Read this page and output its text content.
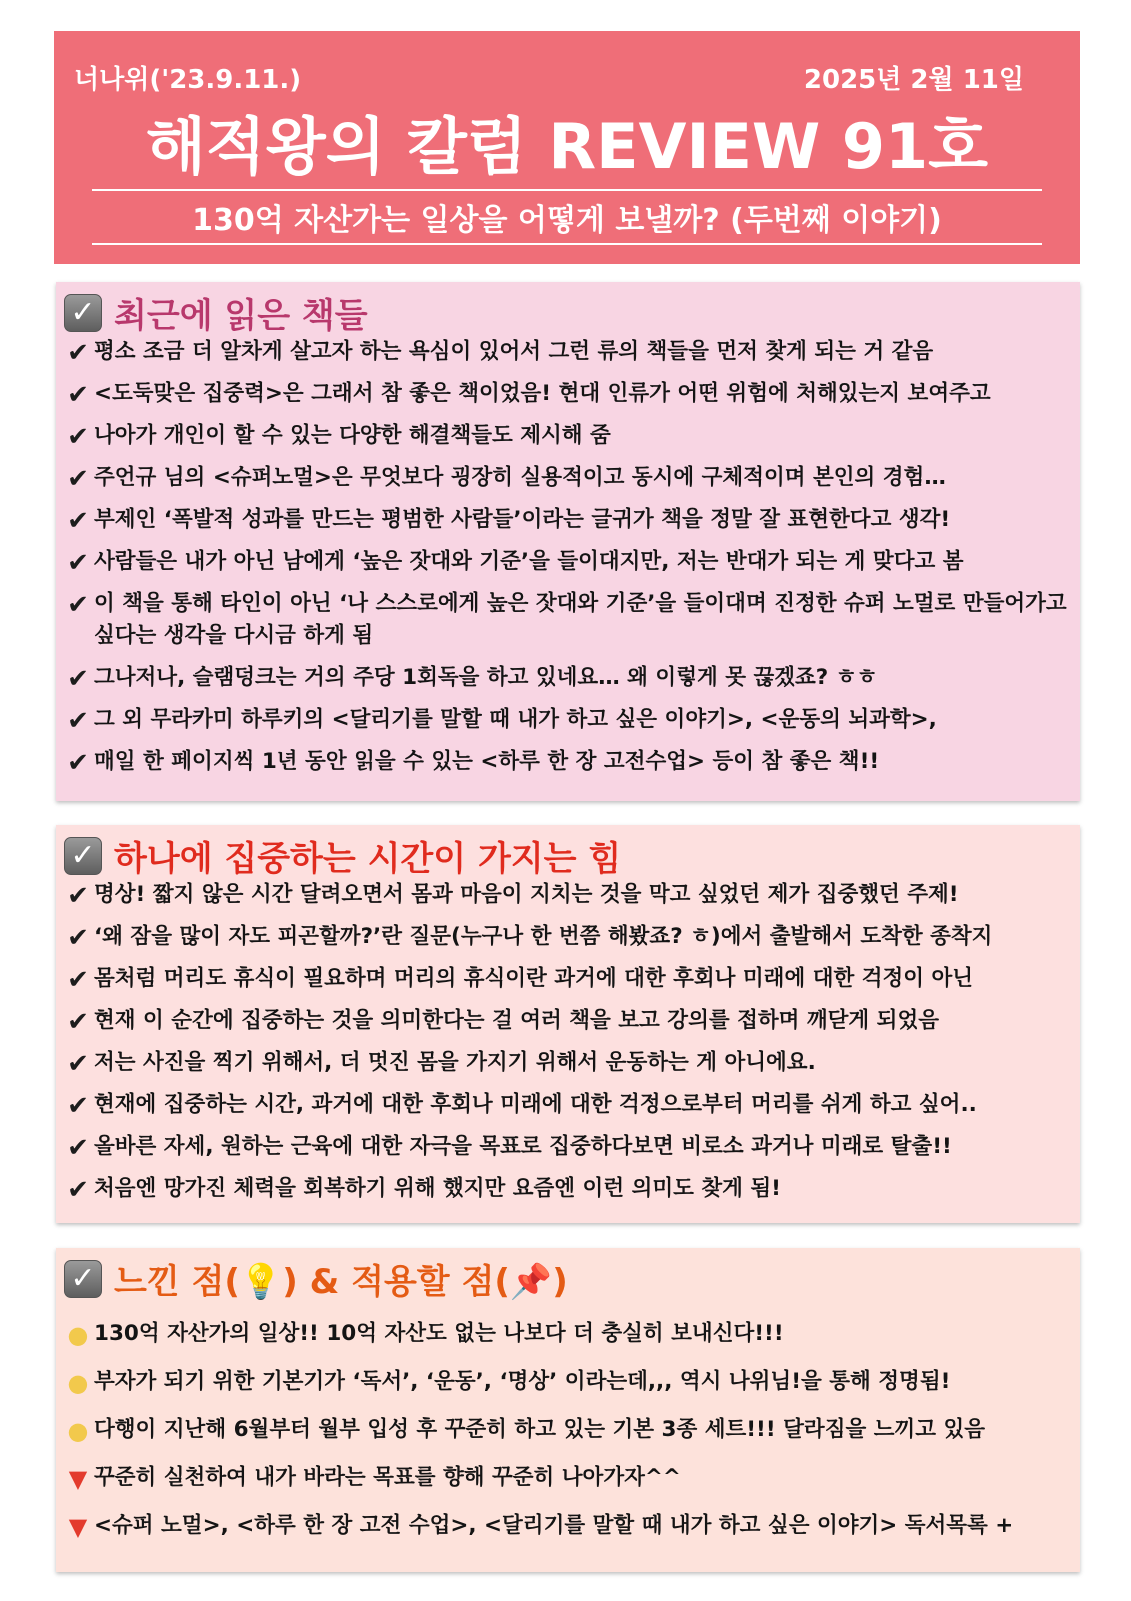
너나위('23.9.11.)	2025년 2월 11일
해적왕의 칼럼 REVIEW 91호
130억 자산가는 일상을 어떻게 보낼까? (두번째 이야기)
✓ 최근에 읽은 책들
✔ 평소 조금 더 알차게 살고자 하는 욕심이 있어서 그런 류의 책들을 먼저 찾게 되는 거 같음
✔ <도둑맞은 집중력>은 그래서 참 좋은 책이었음! 현대 인류가 어떤 위험에 처해있는지 보여주고
✔ 나아가 개인이 할 수 있는 다양한 해결책들도 제시해 줌
✔ 주언규 님의 <슈퍼노멀>은 무엇보다 굉장히 실용적이고 동시에 구체적이며 본인의 경험…
✔ 부제인 ‘폭발적 성과를 만드는 평범한 사람들’이라는 글귀가 책을 정말 잘 표현한다고 생각!
✔ 사람들은 내가 아닌 남에게 ‘높은 잣대와 기준’을 들이대지만, 저는 반대가 되는 게 맞다고 봄
✔ 이 책을 통해 타인이 아닌 ‘나 스스로에게 높은 잣대와 기준’을 들이대며 진정한 슈퍼 노멀로 만들어가고 싶다는 생각을 다시금 하게 됨
✔ 그나저나, 슬램덩크는 거의 주당 1회독을 하고 있네요… 왜 이렇게 못 끊겠죠? ㅎㅎ
✔ 그 외 무라카미 하루키의 <달리기를 말할 때 내가 하고 싶은 이야기>, <운동의 뇌과학>,
✔ 매일 한 페이지씩 1년 동안 읽을 수 있는 <하루 한 장 고전수업> 등이 참 좋은 책!!
✓ 하나에 집중하는 시간이 가지는 힘
✔ 명상! 짧지 않은 시간 달려오면서 몸과 마음이 지치는 것을 막고 싶었던 제가 집중했던 주제!
✔ ‘왜 잠을 많이 자도 피곤할까?’란 질문(누구나 한 번쯤 해봤죠? ㅎ)에서 출발해서 도착한 종착지
✔ 몸처럼 머리도 휴식이 필요하며 머리의 휴식이란 과거에 대한 후회나 미래에 대한 걱정이 아닌
✔ 현재 이 순간에 집중하는 것을 의미한다는 걸 여러 책을 보고 강의를 접하며 깨닫게 되었음
✔ 저는 사진을 찍기 위해서, 더 멋진 몸을 가지기 위해서 운동하는 게 아니에요.
✔ 현재에 집중하는 시간, 과거에 대한 후회나 미래에 대한 걱정으로부터 머리를 쉬게 하고 싶어..
✔ 올바른 자세, 원하는 근육에 대한 자극을 목표로 집중하다보면 비로소 과거나 미래로 탈출!!
✔ 처음엔 망가진 체력을 회복하기 위해 했지만 요즘엔 이런 의미도 찾게 됨!
✓ 느낀 점(💡) & 적용할 점(📌)
● 130억 자산가의 일상!! 10억 자산도 없는 나보다 더 충실히 보내신다!!!
● 부자가 되기 위한 기본기가 ‘독서’, ‘운동’, ‘명상’ 이라는데,,, 역시 나위님!을 통해 정명됨!
● 다행이 지난해 6월부터 월부 입성 후 꾸준히 하고 있는 기본 3종 세트!!! 달라짐을 느끼고 있음
▼ 꾸준히 실천하여 내가 바라는 목표를 향해 꾸준히 나아가자^^
▼ <슈퍼 노멀>, <하루 한 장 고전 수업>, <달리기를 말할 때 내가 하고 싶은 이야기> 독서목록 +
